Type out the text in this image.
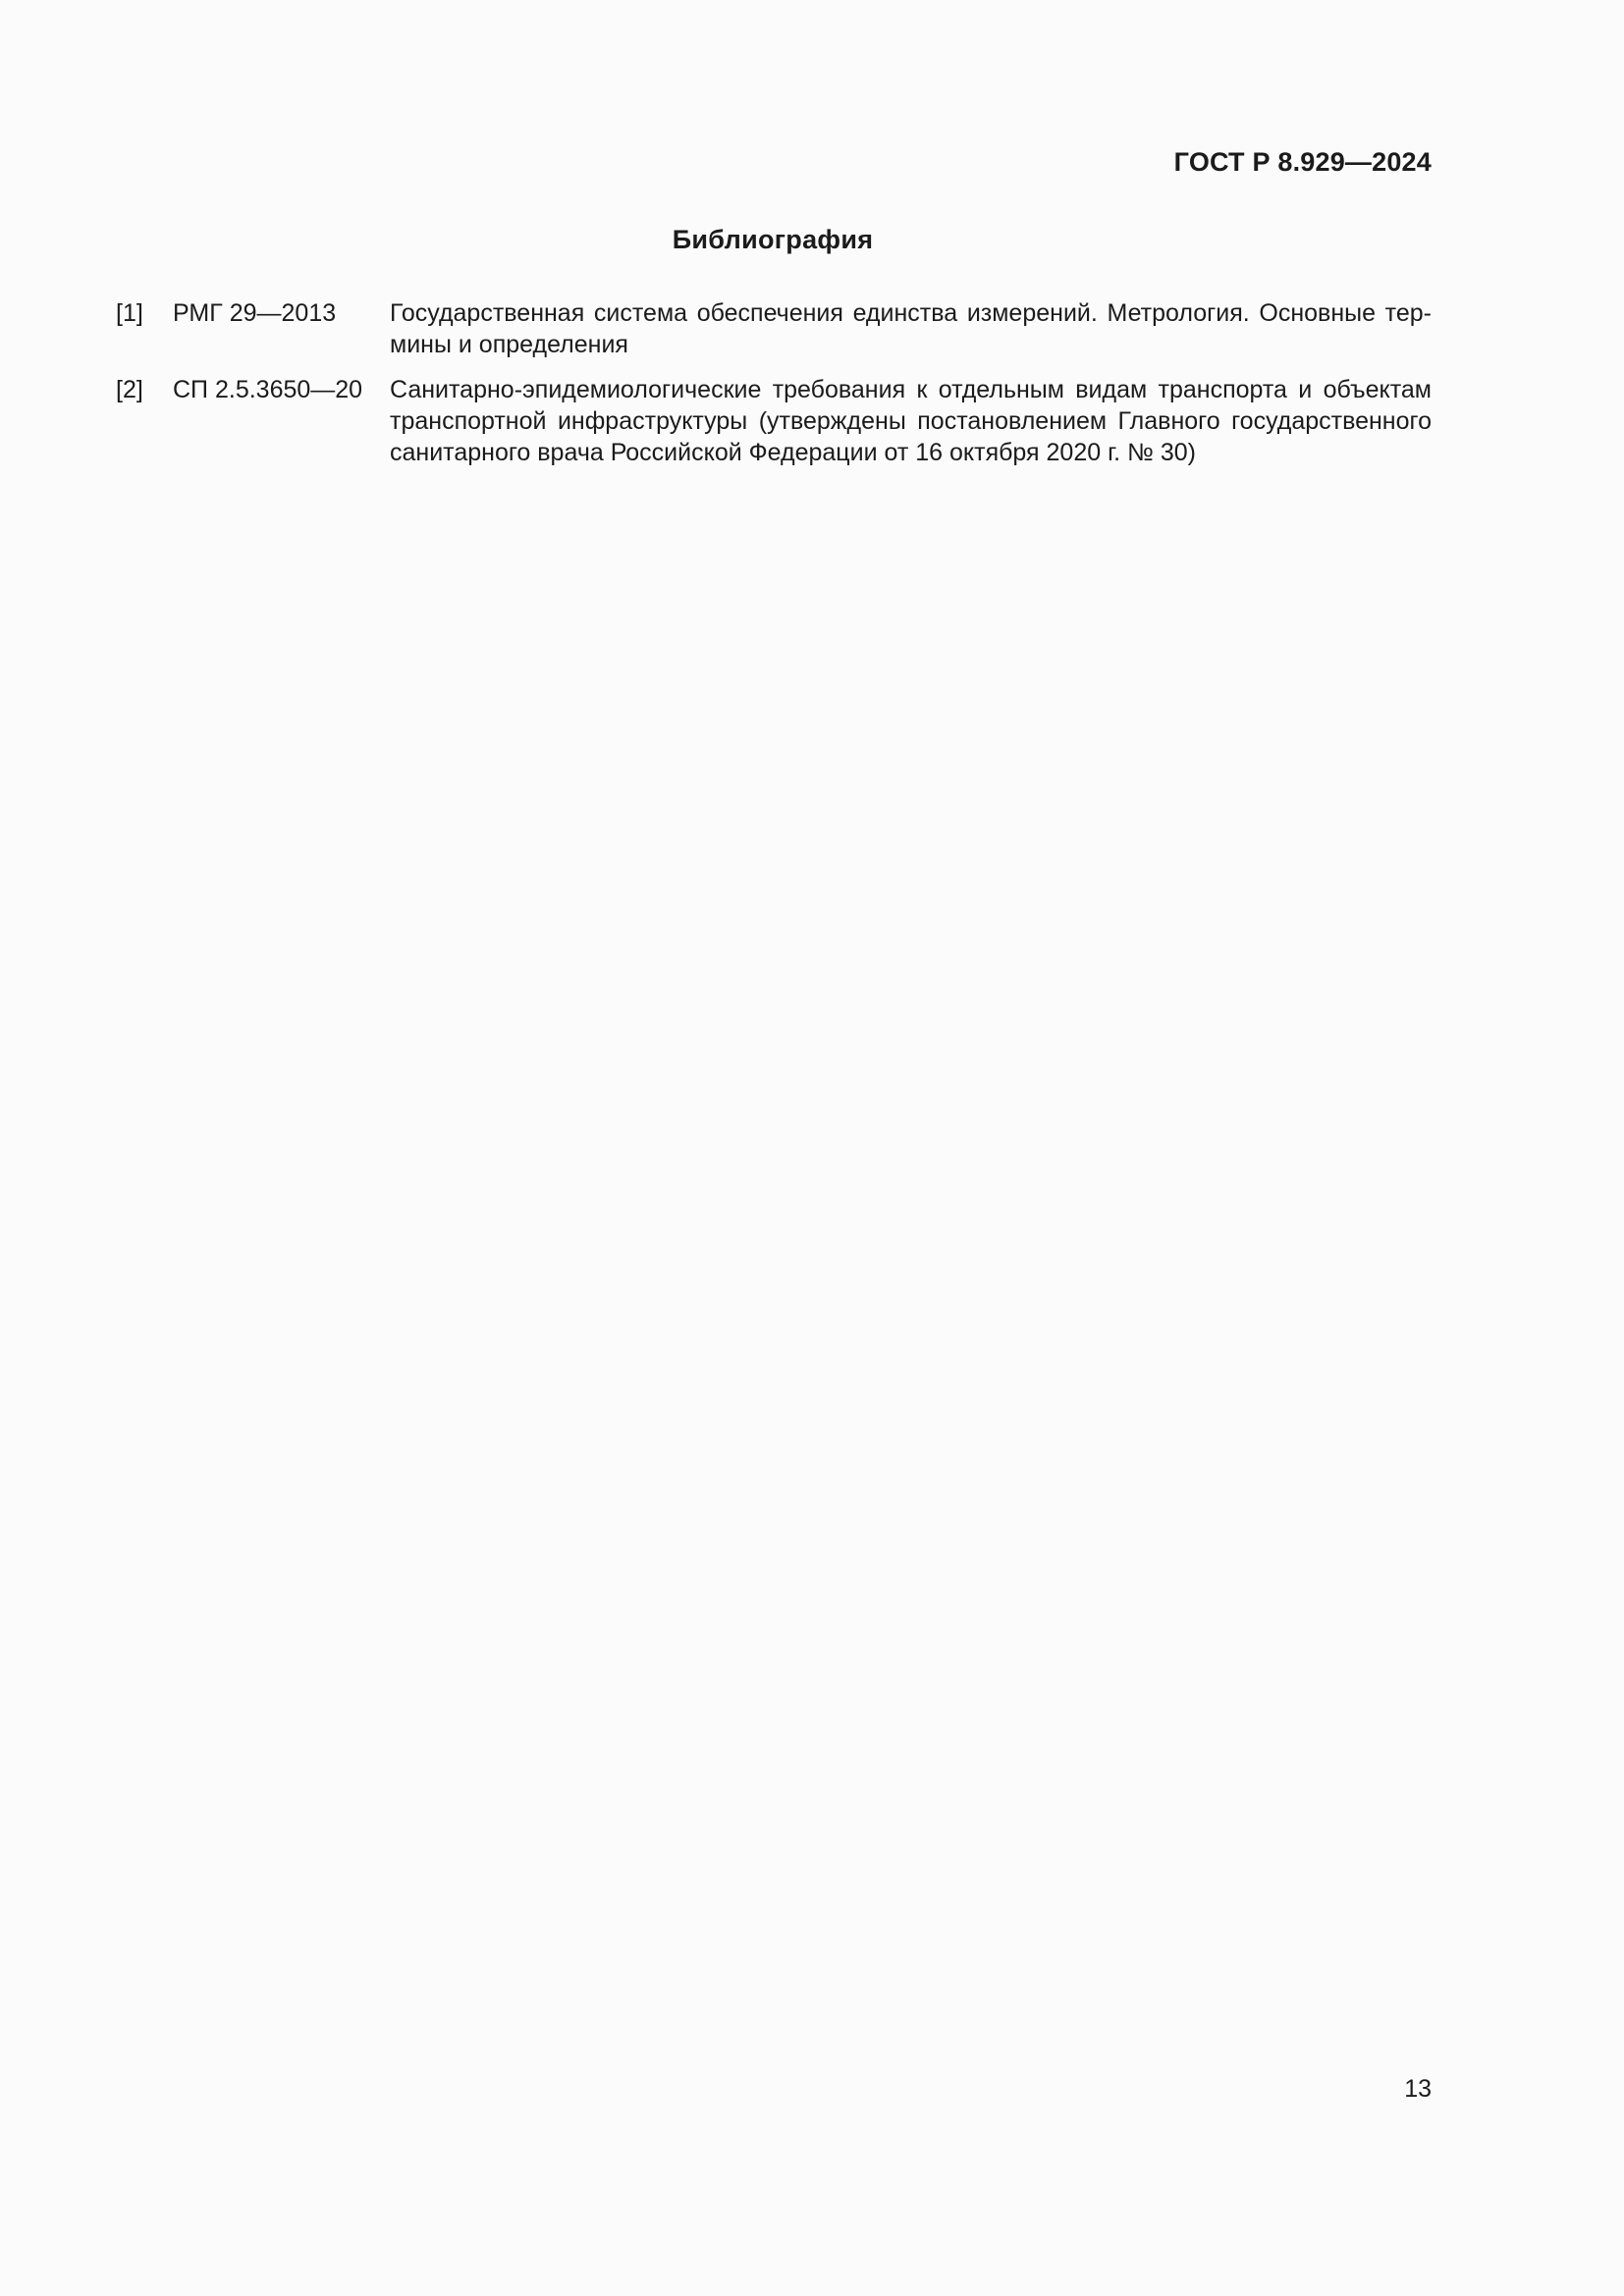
ГОСТ Р 8.929—2024
Библиография
[1] РМГ 29—2013 Государственная система обеспечения единства измерений. Метрология. Основные тер-мины и определения
[2] СП 2.5.3650—20 Санитарно-эпидемиологические требования к отдельным видам транспорта и объектам транспортной инфраструктуры (утверждены постановлением Главного государственного санитарного врача Российской Федерации от 16 октября 2020 г. № 30)
13
